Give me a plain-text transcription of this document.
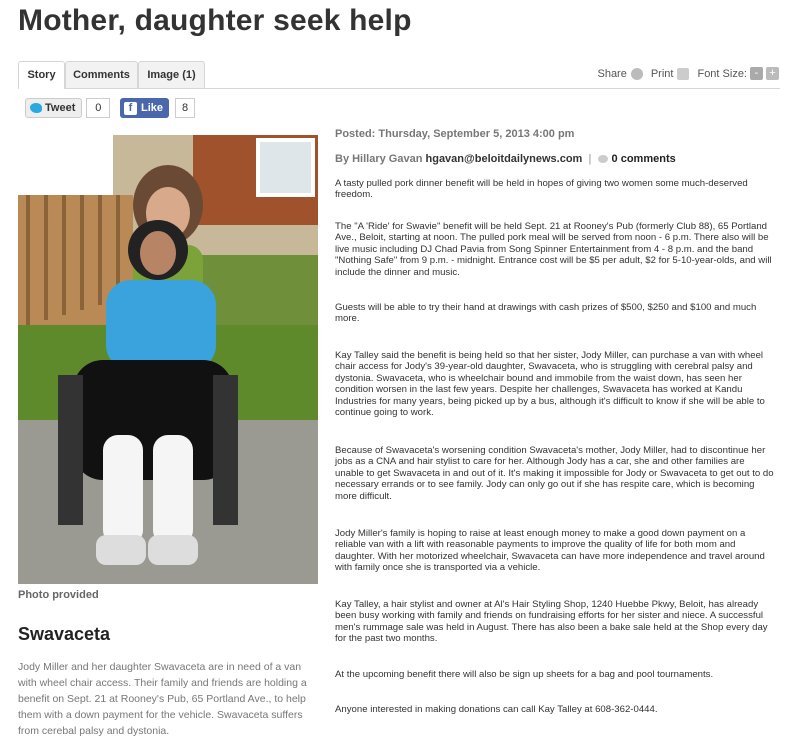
Mother, daughter seek help
Story	Comments	Image (1)	Share Print Font Size: - +
Tweet	0	f Like	8
Photo provided
Swavaceta
Jody Miller and her daughter Swavaceta are in need of a van with wheel chair access. Their family and friends are holding a benefit on Sept. 21 at Rooney's Pub, 65 Portland Ave., to help them with a down payment for the vehicle. Swavaceta suffers from cerebal palsy and dystonia.
Posted: Thursday, September 5, 2013 4:00 pm
By Hillary Gavan hgavan@beloitdailynews.com | 0 comments

A tasty pulled pork dinner benefit will be held in hopes of giving two women some much-deserved freedom.

The "A 'Ride' for Swavie" benefit will be held Sept. 21 at Rooney's Pub (formerly Club 88), 65 Portland Ave., Beloit, starting at noon. The pulled pork meal will be served from noon - 6 p.m. There also will be live music including DJ Chad Pavia from Song Spinner Entertainment from 4 - 8 p.m. and the band "Nothing Safe" from 9 p.m. - midnight. Entrance cost will be $5 per adult, $2 for 5-10-year-olds, and will include the dinner and music.

Guests will be able to try their hand at drawings with cash prizes of $500, $250 and $100 and much more.

Kay Talley said the benefit is being held so that her sister, Jody Miller, can purchase a van with wheel chair access for Jody's 39-year-old daughter, Swavaceta, who is struggling with cerebral palsy and dystonia. Swavaceta, who is wheelchair bound and immobile from the waist down, has seen her condition worsen in the last few years. Despite her challenges, Swavaceta has worked at Kandu Industries for many years, being picked up by a bus, although it's difficult to know if she will be able to continue going to work.

Because of Swavaceta's worsening condition Swavaceta's mother, Jody Miller, had to discontinue her jobs as a CNA and hair stylist to care for her. Although Jody has a car, she and other families are unable to get Swavaceta in and out of it. It's making it impossible for Jody or Swavaceta to get out to do necessary errands or to see family. Jody can only go out if she has respite care, which is becoming more difficult.

Jody Miller's family is hoping to raise at least enough money to make a good down payment on a reliable van with a lift with reasonable payments to improve the quality of life for both mom and daughter. With her motorized wheelchair, Swavaceta can have more independence and travel around with family once she is transported via a vehicle.

Kay Talley, a hair stylist and owner at Al's Hair Styling Shop, 1240 Huebbe Pkwy, Beloit, has already been busy working with family and friends on fundraising efforts for her sister and niece. A successful men's rummage sale was held in August. There has also been a bake sale held at the Shop every day for the past two months.

At the upcoming benefit there will also be sign up sheets for a bag and pool tournaments.

Anyone interested in making donations can call Kay Talley at 608-362-0444.
